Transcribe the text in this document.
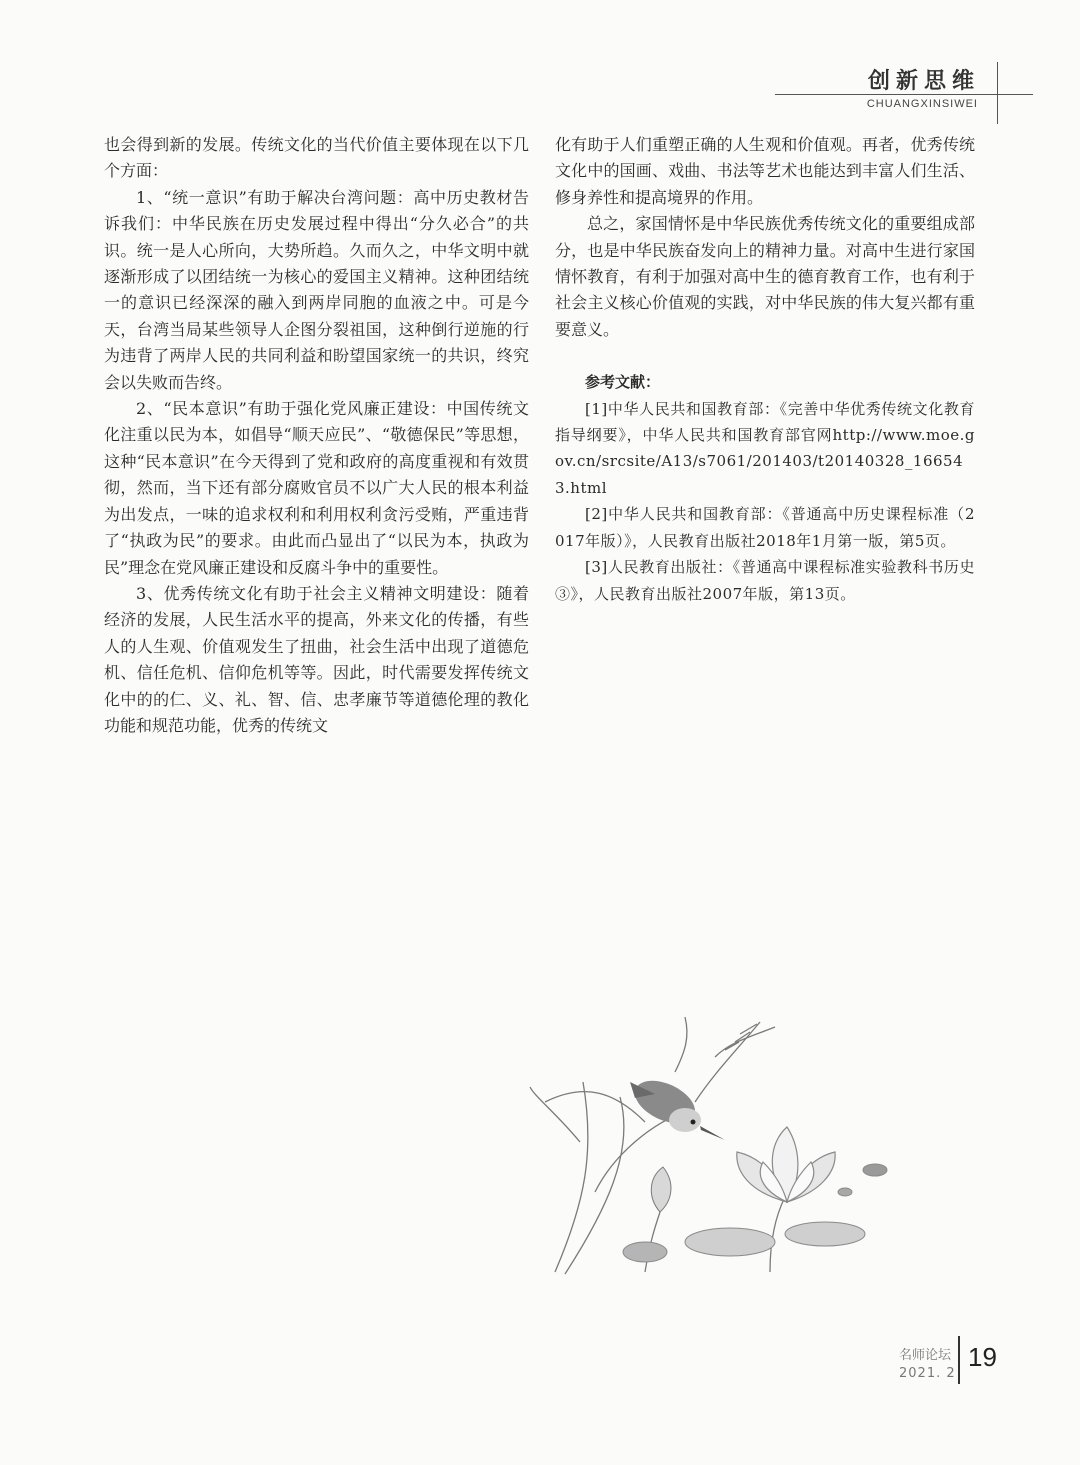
创新思维
CHUANGXINSIWEI

也会得到新的发展。传统文化的当代价值主要体现在以下几个方面：

1、“统一意识”有助于解决台湾问题：高中历史教材告诉我们：中华民族在历史发展过程中得出“分久必合”的共识。统一是人心所向，大势所趋。久而久之，中华文明中就逐渐形成了以团结统一为核心的爱国主义精神。这种团结统一的意识已经深深的融入到两岸同胞的血液之中。可是今天，台湾当局某些领导人企图分裂祖国，这种倒行逆施的行为违背了两岸人民的共同利益和盼望国家统一的共识，终究会以失败而告终。

2、“民本意识”有助于强化党风廉正建设：中国传统文化注重以民为本，如倡导“顺天应民”、“敬德保民”等思想，这种“民本意识”在今天得到了党和政府的高度重视和有效贯彻，然而，当下还有部分腐败官员不以广大人民的根本利益为出发点，一味的追求权利和利用权利贪污受贿，严重违背了“执政为民”的要求。由此而凸显出了“以民为本，执政为民”理念在党风廉正建设和反腐斗争中的重要性。

3、优秀传统文化有助于社会主义精神文明建设：随着经济的发展，人民生活水平的提高，外来文化的传播，有些人的人生观、价值观发生了扭曲，社会生活中出现了道德危机、信任危机、信仰危机等等。因此，时代需要发挥传统文化中的的仁、义、礼、智、信、忠孝廉节等道德伦理的教化功能和规范功能，优秀的传统文

化有助于人们重塑正确的人生观和价值观。再者，优秀传统文化中的国画、戏曲、书法等艺术也能达到丰富人们生活、修身养性和提高境界的作用。

总之，家国情怀是中华民族优秀传统文化的重要组成部分，也是中华民族奋发向上的精神力量。对高中生进行家国情怀教育，有利于加强对高中生的德育教育工作，也有利于社会主义核心价值观的实践，对中华民族的伟大复兴都有重要意义。

参考文献：

[1]中华人民共和国教育部：《完善中华优秀传统文化教育指导纲要》，中华人民共和国教育部官网http://www.moe.gov.cn/srcsite/A13/s7061/201403/t20140328_166543.html

[2]中华人民共和国教育部：《普通高中历史课程标准（2017年版）》，人民教育出版社2018年1月第一版，第5页。

[3]人民教育出版社：《普通高中课程标准实验教科书历史③》，人民教育出版社2007年版，第13页。

名师论坛
2021. 2
19
